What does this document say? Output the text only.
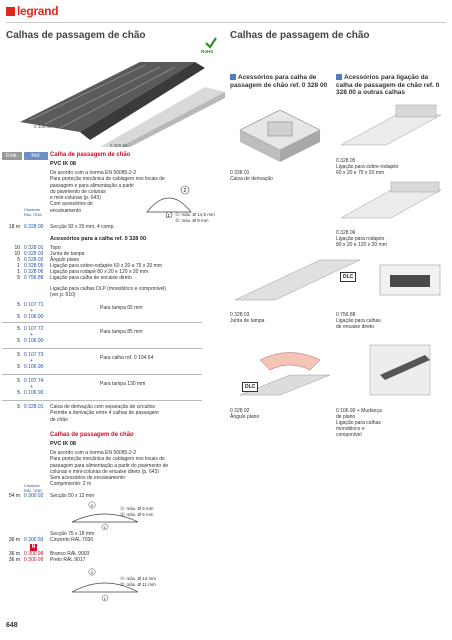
legrand
Calhas de passagem de chão	Calhas de passagem de chão
RoHS
0 328 00
0 300 92
Acessórios para calha de passagem de chão ref. 0 328 00
Acessórios para ligação da calha de passagem de chão ref. 0 328 00 a outras calhas
Emb.	Ref.	Calha de passagem de chão
PVC IK 08
De acordo com a norma EN 50085-2-2
Para proteção mecânica de cablagem nos locais de
passagem e para alimentação a partir
do pavimento de colunas
e mini-colunas (p. 643)
Com acessórios de
encaixamento
Cinzento RAL 7016
2
1 ①: máx. Ø 14,5 mm
②: máx. Ø 9 mm
18 m 0 328 00	Secção 92 x 20 mm, 4 comp.
Acessórios para a calha ref. 0 328 00
10 0 328 01	Topo
10 0 328 03	Junta de tampa
5 0 328 02	Ângulo plano
1 0 328 05	Ligação para sobre-rodapés 60 x 20 e 75 x 20 mm
1 0 328 06	Ligação para rodapé 80 x 20 e 120 x 20 mm
5 0 756 88	Ligação para calha de encaixe direto
Ligação para calhas DLP (monobloco e componível)
(ver p. 610)
5 0 107 71
+
5 0 106 90
Para tampa 65 mm
5 0 107 72
+
5 0 106 90
Para tampa 85 mm
5 0 107 73
+
5 0 106 90
Para calha ref. 0 104 64
5 0 107 74
+
5 0 106 90
Para tampa 130 mm
5 0 328 01	Caixa de derivação com separação de circuitos
Permite a derivação entre 4 calhas de passagem
de chão
Calhas de passagem de chão
PVC IK 08
De acordo com a norma EN 50085-2-2
Para proteção mecânica de cablagem nos locais de
passagem para alimentação a partir do pavimento de
colunas e mini-colunas de encaixe direto (p. 643)
Sem acessórios de encaixamento
Comprimento: 2 m
Cinzento RAL 7030
54 m 0 300 92	Secção 50 x 12 mm
2
1
①: máx. Ø 9 mm
②: máx. Ø 6 mm
Secção 75 x 18 mm
36 m 0 300 93	Cinzento RAL 7030
N
36 m 0 300 98	Branco RAL 9003
36 m 0 300 99	Preto RAL 9017
2
1
①: máx. Ø 14 mm
②: máx. Ø 11 mm
0 328 01
Caixa de derivação
0 328 05
Ligação para sobre-rodapés
60 x 20 e 75 x 20 mm
0 328 06
Ligação para rodapés
80 x 20 e 120 x 20 mm
DLC
0 328 03
Junta de tampa
0 756 88
Ligação para calhas
de encaixe direto
DLC
0 328 02
Ângulo plano
0 106 90 + Mudança
de plano
Ligação para calhas
monobloco e
componível
648
